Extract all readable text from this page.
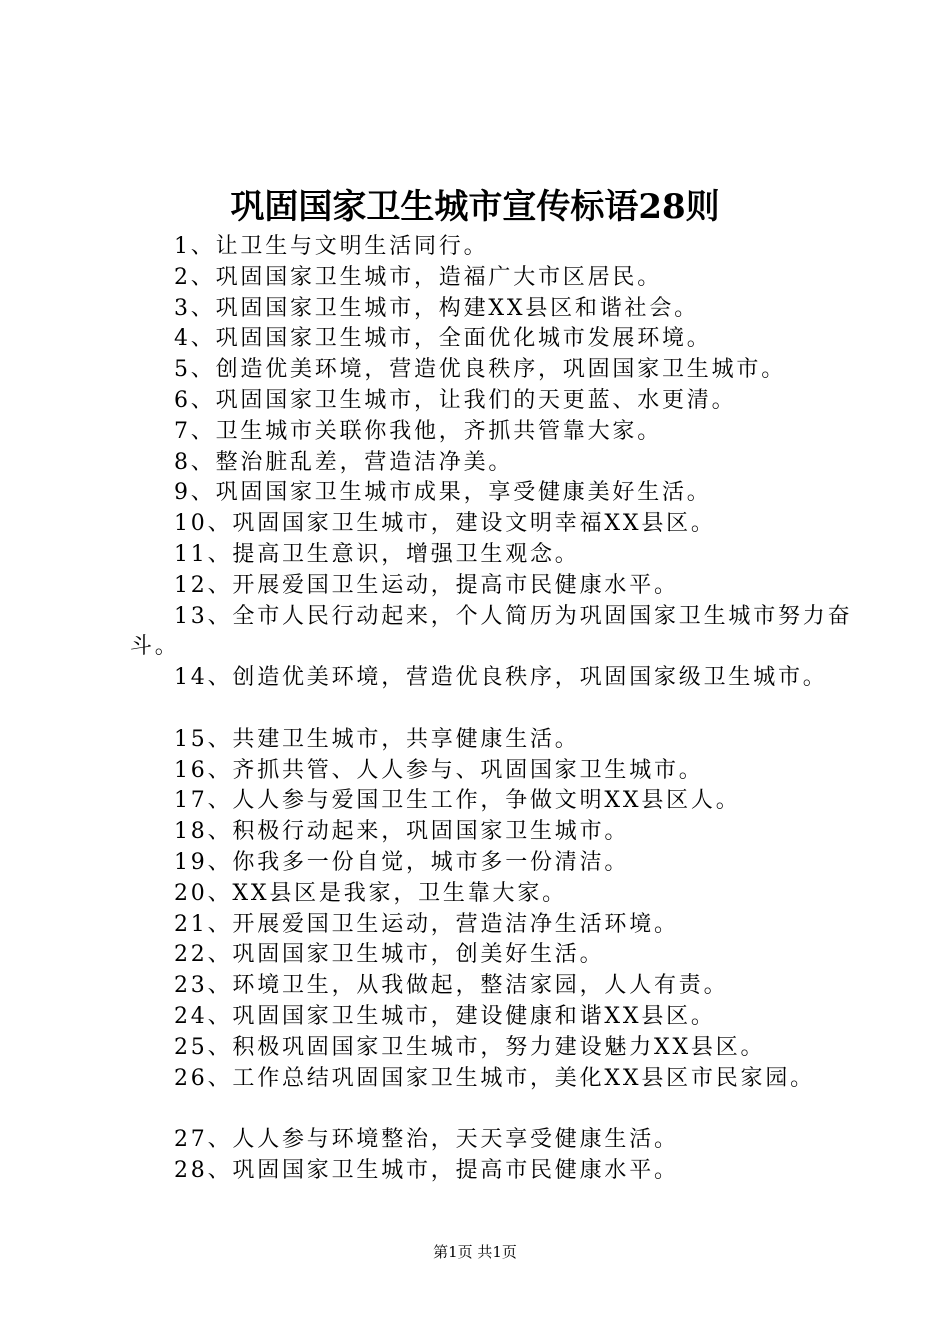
巩固国家卫生城市宣传标语28则
1、让卫生与文明生活同行。
2、巩固国家卫生城市，造福广大市区居民。
3、巩固国家卫生城市，构建XX县区和谐社会。
4、巩固国家卫生城市，全面优化城市发展环境。
5、创造优美环境，营造优良秩序，巩固国家卫生城市。
6、巩固国家卫生城市，让我们的天更蓝、水更清。
7、卫生城市关联你我他，齐抓共管靠大家。
8、整治脏乱差，营造洁净美。
9、巩固国家卫生城市成果，享受健康美好生活。
10、巩固国家卫生城市，建设文明幸福XX县区。
11、提高卫生意识，增强卫生观念。
12、开展爱国卫生运动，提高市民健康水平。
13、全市人民行动起来，个人简历为巩固国家卫生城市努力奋斗。
14、创造优美环境，营造优良秩序，巩固国家级卫生城市。
15、共建卫生城市，共享健康生活。
16、齐抓共管、人人参与、巩固国家卫生城市。
17、人人参与爱国卫生工作，争做文明XX县区人。
18、积极行动起来，巩固国家卫生城市。
19、你我多一份自觉，城市多一份清洁。
20、XX县区是我家，卫生靠大家。
21、开展爱国卫生运动，营造洁净生活环境。
22、巩固国家卫生城市，创美好生活。
23、环境卫生，从我做起，整洁家园，人人有责。
24、巩固国家卫生城市，建设健康和谐XX县区。
25、积极巩固国家卫生城市，努力建设魅力XX县区。
26、工作总结巩固国家卫生城市，美化XX县区市民家园。
27、人人参与环境整治，天天享受健康生活。
28、巩固国家卫生城市，提高市民健康水平。
第1页 共1页
